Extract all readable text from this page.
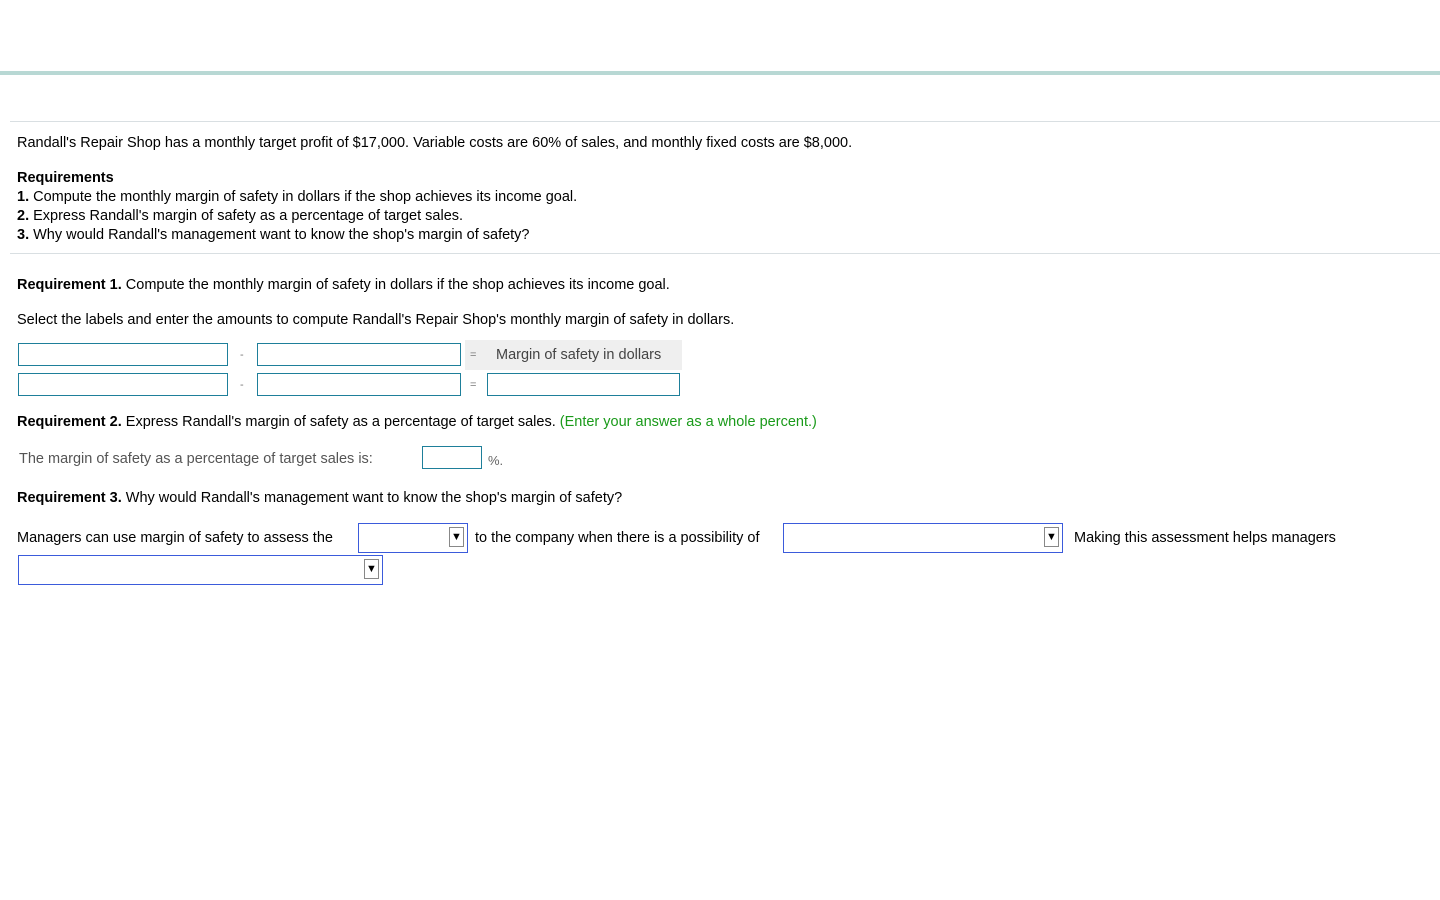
Randall's Repair Shop has a monthly target profit of $17,000. Variable costs are 60% of sales, and monthly fixed costs are $8,000.
Requirements
1. Compute the monthly margin of safety in dollars if the shop achieves its income goal.
2. Express Randall's margin of safety as a percentage of target sales.
3. Why would Randall's management want to know the shop's margin of safety?
Requirement 1. Compute the monthly margin of safety in dollars if the shop achieves its income goal.
Select the labels and enter the amounts to compute Randall's Repair Shop's monthly margin of safety in dollars.
-	= Margin of safety in dollars
-	=
Requirement 2. Express Randall's margin of safety as a percentage of target sales. (Enter your answer as a whole percent.)
The margin of safety as a percentage of target sales is:	%.
Requirement 3. Why would Randall's management want to know the shop's margin of safety?
Managers can use margin of safety to assess the	▼ to the company when there is a possibility of	▼ Making this assessment helps managers
▼
